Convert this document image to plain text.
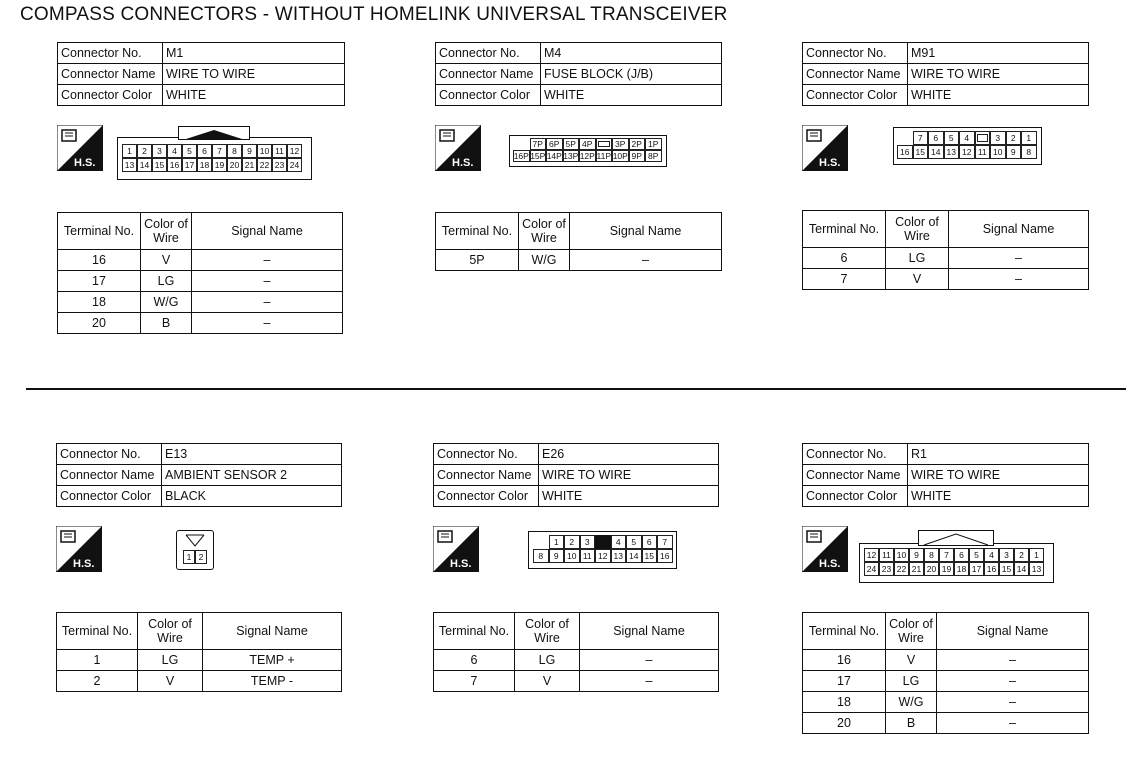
COMPASS CONNECTORS - WITHOUT HOMELINK UNIVERSAL TRANSCEIVER
Connector No.	M1
Connector Name	WIRE TO WIRE
Connector Color	WHITE
H.S.
1	2	3	4	5	6	7	8	9 10 11 12
13 14 15 16 17 18 19 20 21 22 23 24
Terminal No.	Color of
Wire	Signal Name
16	V	–
17	LG	–
18	W/G	–
20	B	–
Connector No.	M4
Connector Name	FUSE BLOCK (J/B)
Connector Color	WHITE
H.S.
7P 6P 5P 4P	3P 2P 1P
16P 15P 14P 13P 12P 11P 10P 9P 8P
Terminal No.	Color of
Wire	Signal Name
5P	W/G	–
Connector No.	M91
Connector Name	WIRE TO WIRE
Connector Color	WHITE
H.S.
7	6	5	4	3	2	1
16 15 14 13 12 11 10 9	8
Terminal No.	Color of
Wire	Signal Name
6	LG	–
7	V	–
Connector No.	E13
Connector Name	AMBIENT SENSOR 2
Connector Color	BLACK
H.S.
1 2
Terminal No.	Color of
Wire	Signal Name
1	LG	TEMP +
2	V	TEMP -
Connector No.	E26
Connector Name	WIRE TO WIRE
Connector Color	WHITE
H.S.
1	2	3	4	5	6	7
8	9 10 11 12 13 14 15 16
Terminal No.	Color of
Wire	Signal Name
6	LG	–
7	V	–
Connector No.	R1
Connector Name	WIRE TO WIRE
Connector Color	WHITE
H.S.
12 11 10 9	8	7	6	5	4	3	2	1
24 23 22 21 20 19 18 17 16 15 14 13
Terminal No.	Color of
Wire	Signal Name
16	V	–
17	LG	–
18	W/G	–
20	B	–
